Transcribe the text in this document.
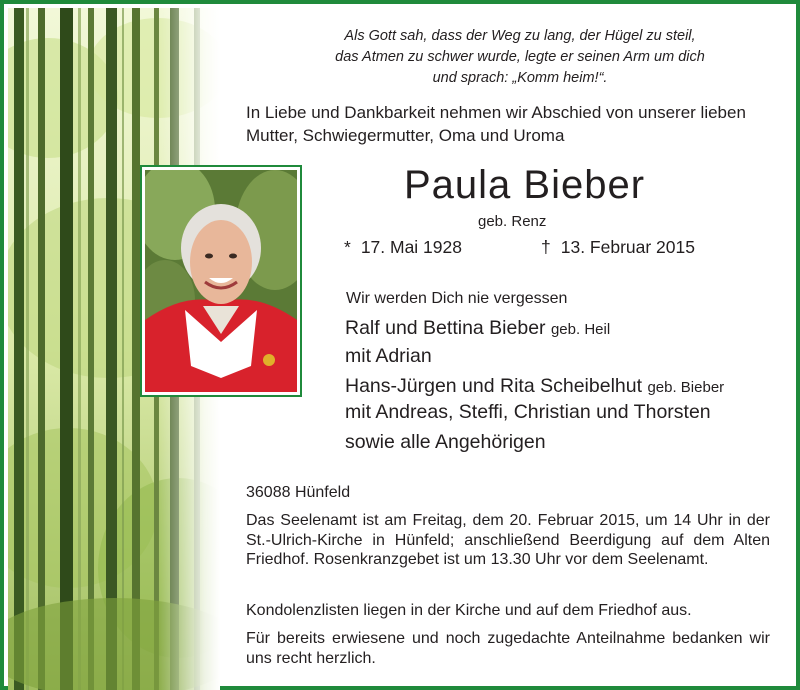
Als Gott sah, dass der Weg zu lang, der Hügel zu steil,
das Atmen zu schwer wurde, legte er seinen Arm um dich
und sprach: „Komm heim!“.
In Liebe und Dankbarkeit nehmen wir Abschied von unserer lieben
Mutter, Schwiegermutter, Oma und Uroma
Paula Bieber
geb. Renz
* 17. Mai 1928	† 13. Februar 2015
Wir werden Dich nie vergessen
Ralf und Bettina Bieber geb. Heil
mit Adrian
Hans-Jürgen und Rita Scheibelhut geb. Bieber
mit Andreas, Steffi, Christian und Thorsten
sowie alle Angehörigen
36088 Hünfeld
Das Seelenamt ist am Freitag, dem 20. Februar 2015, um 14 Uhr in der St.-Ulrich-Kirche in Hünfeld; anschließend Beerdigung auf dem Alten Friedhof. Rosenkranzgebet ist um 13.30 Uhr vor dem Seelenamt.
Kondolenzlisten liegen in der Kirche und auf dem Friedhof aus.
Für bereits erwiesene und noch zugedachte Anteilnahme bedanken wir uns recht herzlich.
